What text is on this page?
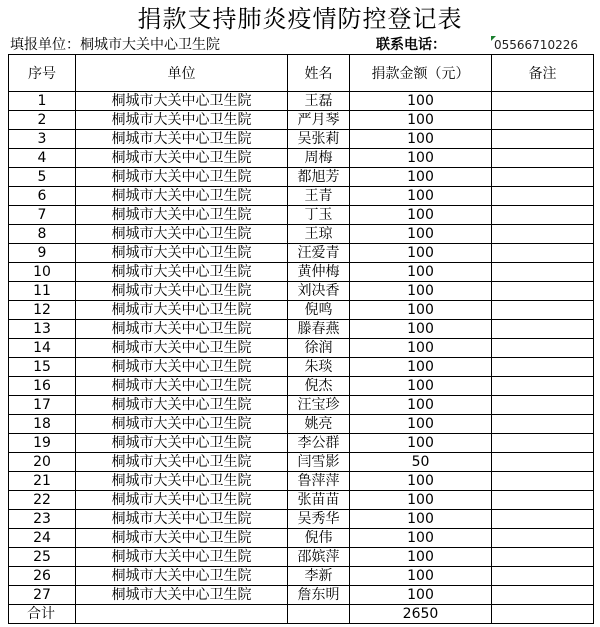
捐款支持肺炎疫情防控登记表
填报单位：桐城市大关中心卫生院	联系电话：	05566710226
序号	单位	姓名	捐款金额（元）	备注
1	桐城市大关中心卫生院	王磊	100	
2	桐城市大关中心卫生院	严月琴	100	
3	桐城市大关中心卫生院	吴张莉	100	
4	桐城市大关中心卫生院	周梅	100	
5	桐城市大关中心卫生院	都旭芳	100	
6	桐城市大关中心卫生院	王青	100	
7	桐城市大关中心卫生院	丁玉	100	
8	桐城市大关中心卫生院	王琼	100	
9	桐城市大关中心卫生院	汪爱青	100	
10	桐城市大关中心卫生院	黄仲梅	100	
11	桐城市大关中心卫生院	刘决香	100	
12	桐城市大关中心卫生院	倪鸣	100	
13	桐城市大关中心卫生院	滕春燕	100	
14	桐城市大关中心卫生院	徐润	100	
15	桐城市大关中心卫生院	朱琰	100	
16	桐城市大关中心卫生院	倪杰	100	
17	桐城市大关中心卫生院	汪宝珍	100	
18	桐城市大关中心卫生院	姚亮	100	
19	桐城市大关中心卫生院	李公群	100	
20	桐城市大关中心卫生院	闫雪影	50	
21	桐城市大关中心卫生院	鲁萍萍	100	
22	桐城市大关中心卫生院	张苗苗	100	
23	桐城市大关中心卫生院	吴秀华	100	
24	桐城市大关中心卫生院	倪伟	100	
25	桐城市大关中心卫生院	邵嫔萍	100	
26	桐城市大关中心卫生院	李新	100	
27	桐城市大关中心卫生院	詹东明	100	
合计			2650	
